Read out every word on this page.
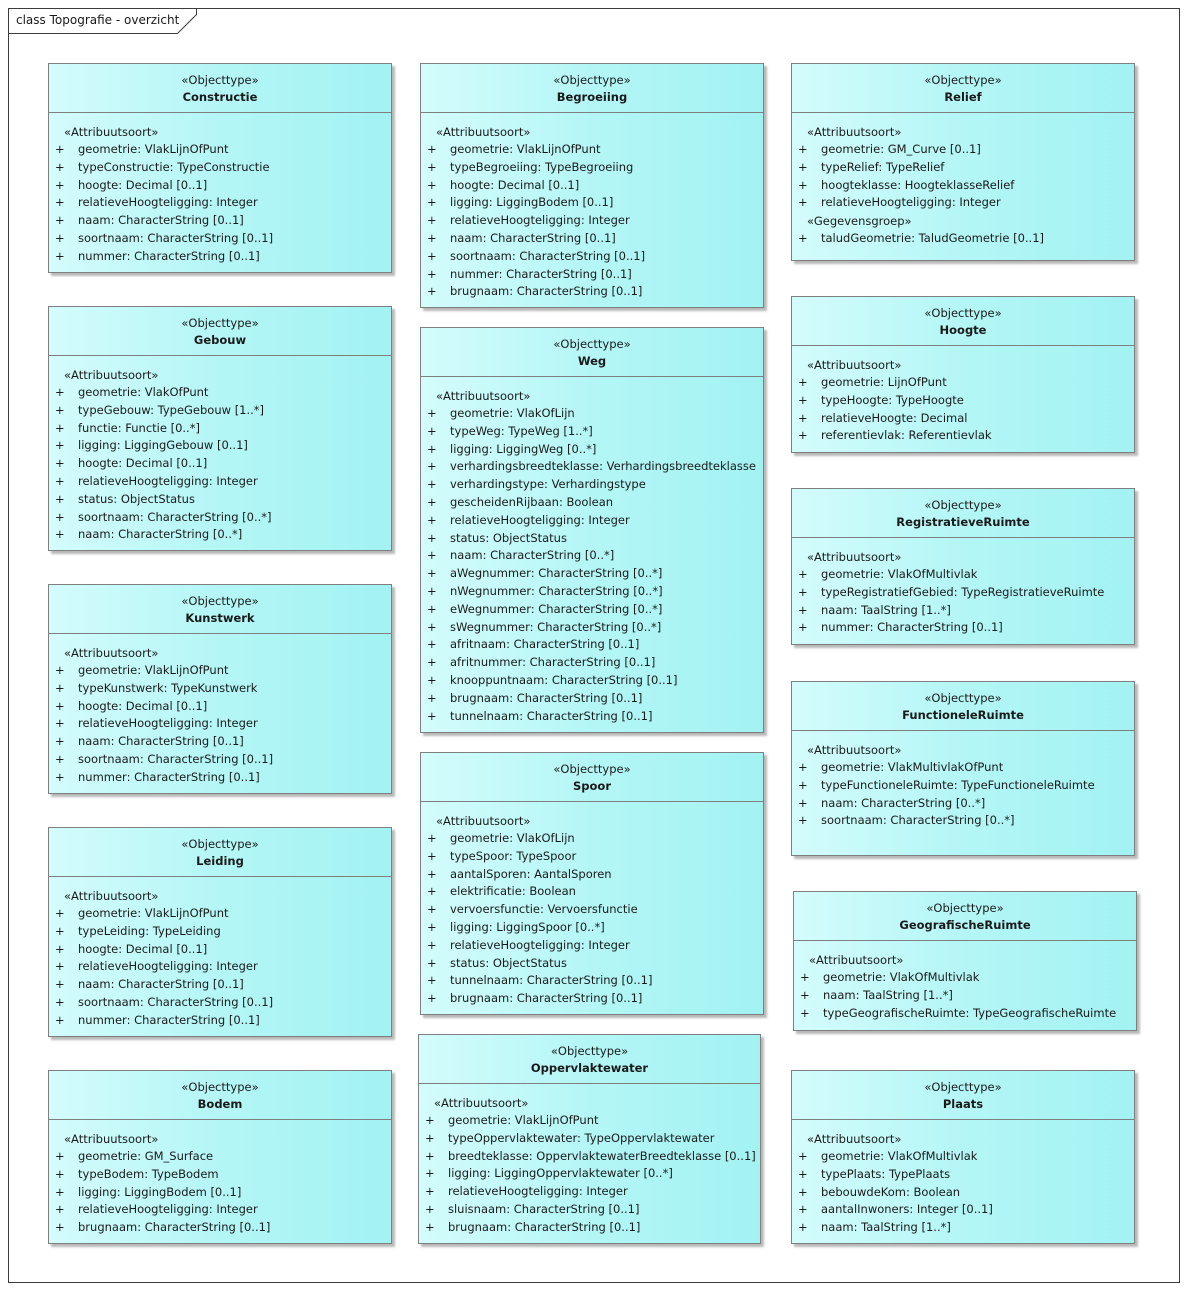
class Topografie - overzicht
«Objecttype»
Constructie
«Attribuutsoort»
+ geometrie: VlakLijnOfPunt
+ typeConstructie: TypeConstructie
+ hoogte: Decimal [0..1]
+ relatieveHoogteligging: Integer
+ naam: CharacterString [0..1]
+ soortnaam: CharacterString [0..1]
+ nummer: CharacterString [0..1]
«Objecttype»
Gebouw
«Attribuutsoort»
+ geometrie: VlakOfPunt
+ typeGebouw: TypeGebouw [1..*]
+ functie: Functie [0..*]
+ ligging: LiggingGebouw [0..1]
+ hoogte: Decimal [0..1]
+ relatieveHoogteligging: Integer
+ status: ObjectStatus
+ soortnaam: CharacterString [0..*]
+ naam: CharacterString [0..*]
«Objecttype»
Kunstwerk
«Attribuutsoort»
+ geometrie: VlakLijnOfPunt
+ typeKunstwerk: TypeKunstwerk
+ hoogte: Decimal [0..1]
+ relatieveHoogteligging: Integer
+ naam: CharacterString [0..1]
+ soortnaam: CharacterString [0..1]
+ nummer: CharacterString [0..1]
«Objecttype»
Leiding
«Attribuutsoort»
+ geometrie: VlakLijnOfPunt
+ typeLeiding: TypeLeiding
+ hoogte: Decimal [0..1]
+ relatieveHoogteligging: Integer
+ naam: CharacterString [0..1]
+ soortnaam: CharacterString [0..1]
+ nummer: CharacterString [0..1]
«Objecttype»
Bodem
«Attribuutsoort»
+ geometrie: GM_Surface
+ typeBodem: TypeBodem
+ ligging: LiggingBodem [0..1]
+ relatieveHoogteligging: Integer
+ brugnaam: CharacterString [0..1]
«Objecttype»
Begroeiing
«Attribuutsoort»
+ geometrie: VlakLijnOfPunt
+ typeBegroeiing: TypeBegroeiing
+ hoogte: Decimal [0..1]
+ ligging: LiggingBodem [0..1]
+ relatieveHoogteligging: Integer
+ naam: CharacterString [0..1]
+ soortnaam: CharacterString [0..1]
+ nummer: CharacterString [0..1]
+ brugnaam: CharacterString [0..1]
«Objecttype»
Weg
«Attribuutsoort»
+ geometrie: VlakOfLijn
+ typeWeg: TypeWeg [1..*]
+ ligging: LiggingWeg [0..*]
+ verhardingsbreedteklasse: Verhardingsbreedteklasse
+ verhardingstype: Verhardingstype
+ gescheidenRijbaan: Boolean
+ relatieveHoogteligging: Integer
+ status: ObjectStatus
+ naam: CharacterString [0..*]
+ aWegnummer: CharacterString [0..*]
+ nWegnummer: CharacterString [0..*]
+ eWegnummer: CharacterString [0..*]
+ sWegnummer: CharacterString [0..*]
+ afritnaam: CharacterString [0..1]
+ afritnummer: CharacterString [0..1]
+ knooppuntnaam: CharacterString [0..1]
+ brugnaam: CharacterString [0..1]
+ tunnelnaam: CharacterString [0..1]
«Objecttype»
Spoor
«Attribuutsoort»
+ geometrie: VlakOfLijn
+ typeSpoor: TypeSpoor
+ aantalSporen: AantalSporen
+ elektrificatie: Boolean
+ vervoersfunctie: Vervoersfunctie
+ ligging: LiggingSpoor [0..*]
+ relatieveHoogteligging: Integer
+ status: ObjectStatus
+ tunnelnaam: CharacterString [0..1]
+ brugnaam: CharacterString [0..1]
«Objecttype»
Oppervlaktewater
«Attribuutsoort»
+ geometrie: VlakLijnOfPunt
+ typeOppervlaktewater: TypeOppervlaktewater
+ breedteklasse: OppervlaktewaterBreedteklasse [0..1]
+ ligging: LiggingOppervlaktewater [0..*]
+ relatieveHoogteligging: Integer
+ sluisnaam: CharacterString [0..1]
+ brugnaam: CharacterString [0..1]
«Objecttype»
Relief
«Attribuutsoort»
+ geometrie: GM_Curve [0..1]
+ typeRelief: TypeRelief
+ hoogteklasse: HoogteklasseRelief
+ relatieveHoogteligging: Integer
«Gegevensgroep»
+ taludGeometrie: TaludGeometrie [0..1]
«Objecttype»
Hoogte
«Attribuutsoort»
+ geometrie: LijnOfPunt
+ typeHoogte: TypeHoogte
+ relatieveHoogte: Decimal
+ referentievlak: Referentievlak
«Objecttype»
RegistratieveRuimte
«Attribuutsoort»
+ geometrie: VlakOfMultivlak
+ typeRegistratiefGebied: TypeRegistratieveRuimte
+ naam: TaalString [1..*]
+ nummer: CharacterString [0..1]
«Objecttype»
FunctioneleRuimte
«Attribuutsoort»
+ geometrie: VlakMultivlakOfPunt
+ typeFunctioneleRuimte: TypeFunctioneleRuimte
+ naam: CharacterString [0..*]
+ soortnaam: CharacterString [0..*]
«Objecttype»
GeografischeRuimte
«Attribuutsoort»
+ geometrie: VlakOfMultivlak
+ naam: TaalString [1..*]
+ typeGeografischeRuimte: TypeGeografischeRuimte
«Objecttype»
Plaats
«Attribuutsoort»
+ geometrie: VlakOfMultivlak
+ typePlaats: TypePlaats
+ bebouwdeKom: Boolean
+ aantalInwoners: Integer [0..1]
+ naam: TaalString [1..*]
